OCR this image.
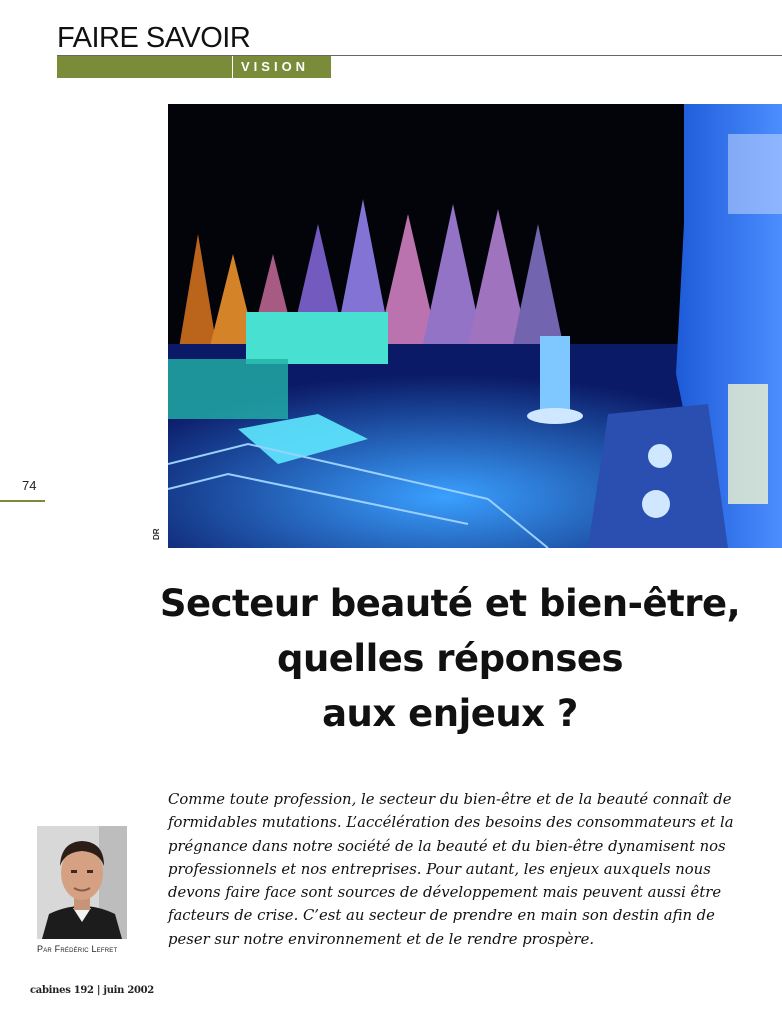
FAIRE SAVOIR
VISION
74
DR
Secteur beauté et bien-être,
quelles réponses
aux enjeux ?
Comme toute profession, le secteur du bien-être et de la beauté connaît de
formidables mutations. L’accélération des besoins des consommateurs et la
prégnance dans notre société de la beauté et du bien-être dynamisent nos
professionnels et nos entreprises. Pour autant, les enjeux auxquels nous
devons faire face sont sources de développement mais peuvent aussi être
facteurs de crise. C’est au secteur de prendre en main son destin afin de
peser sur notre environnement et de le rendre prospère.
Par Frédéric Lefret
cabines 192 | juin 2002
